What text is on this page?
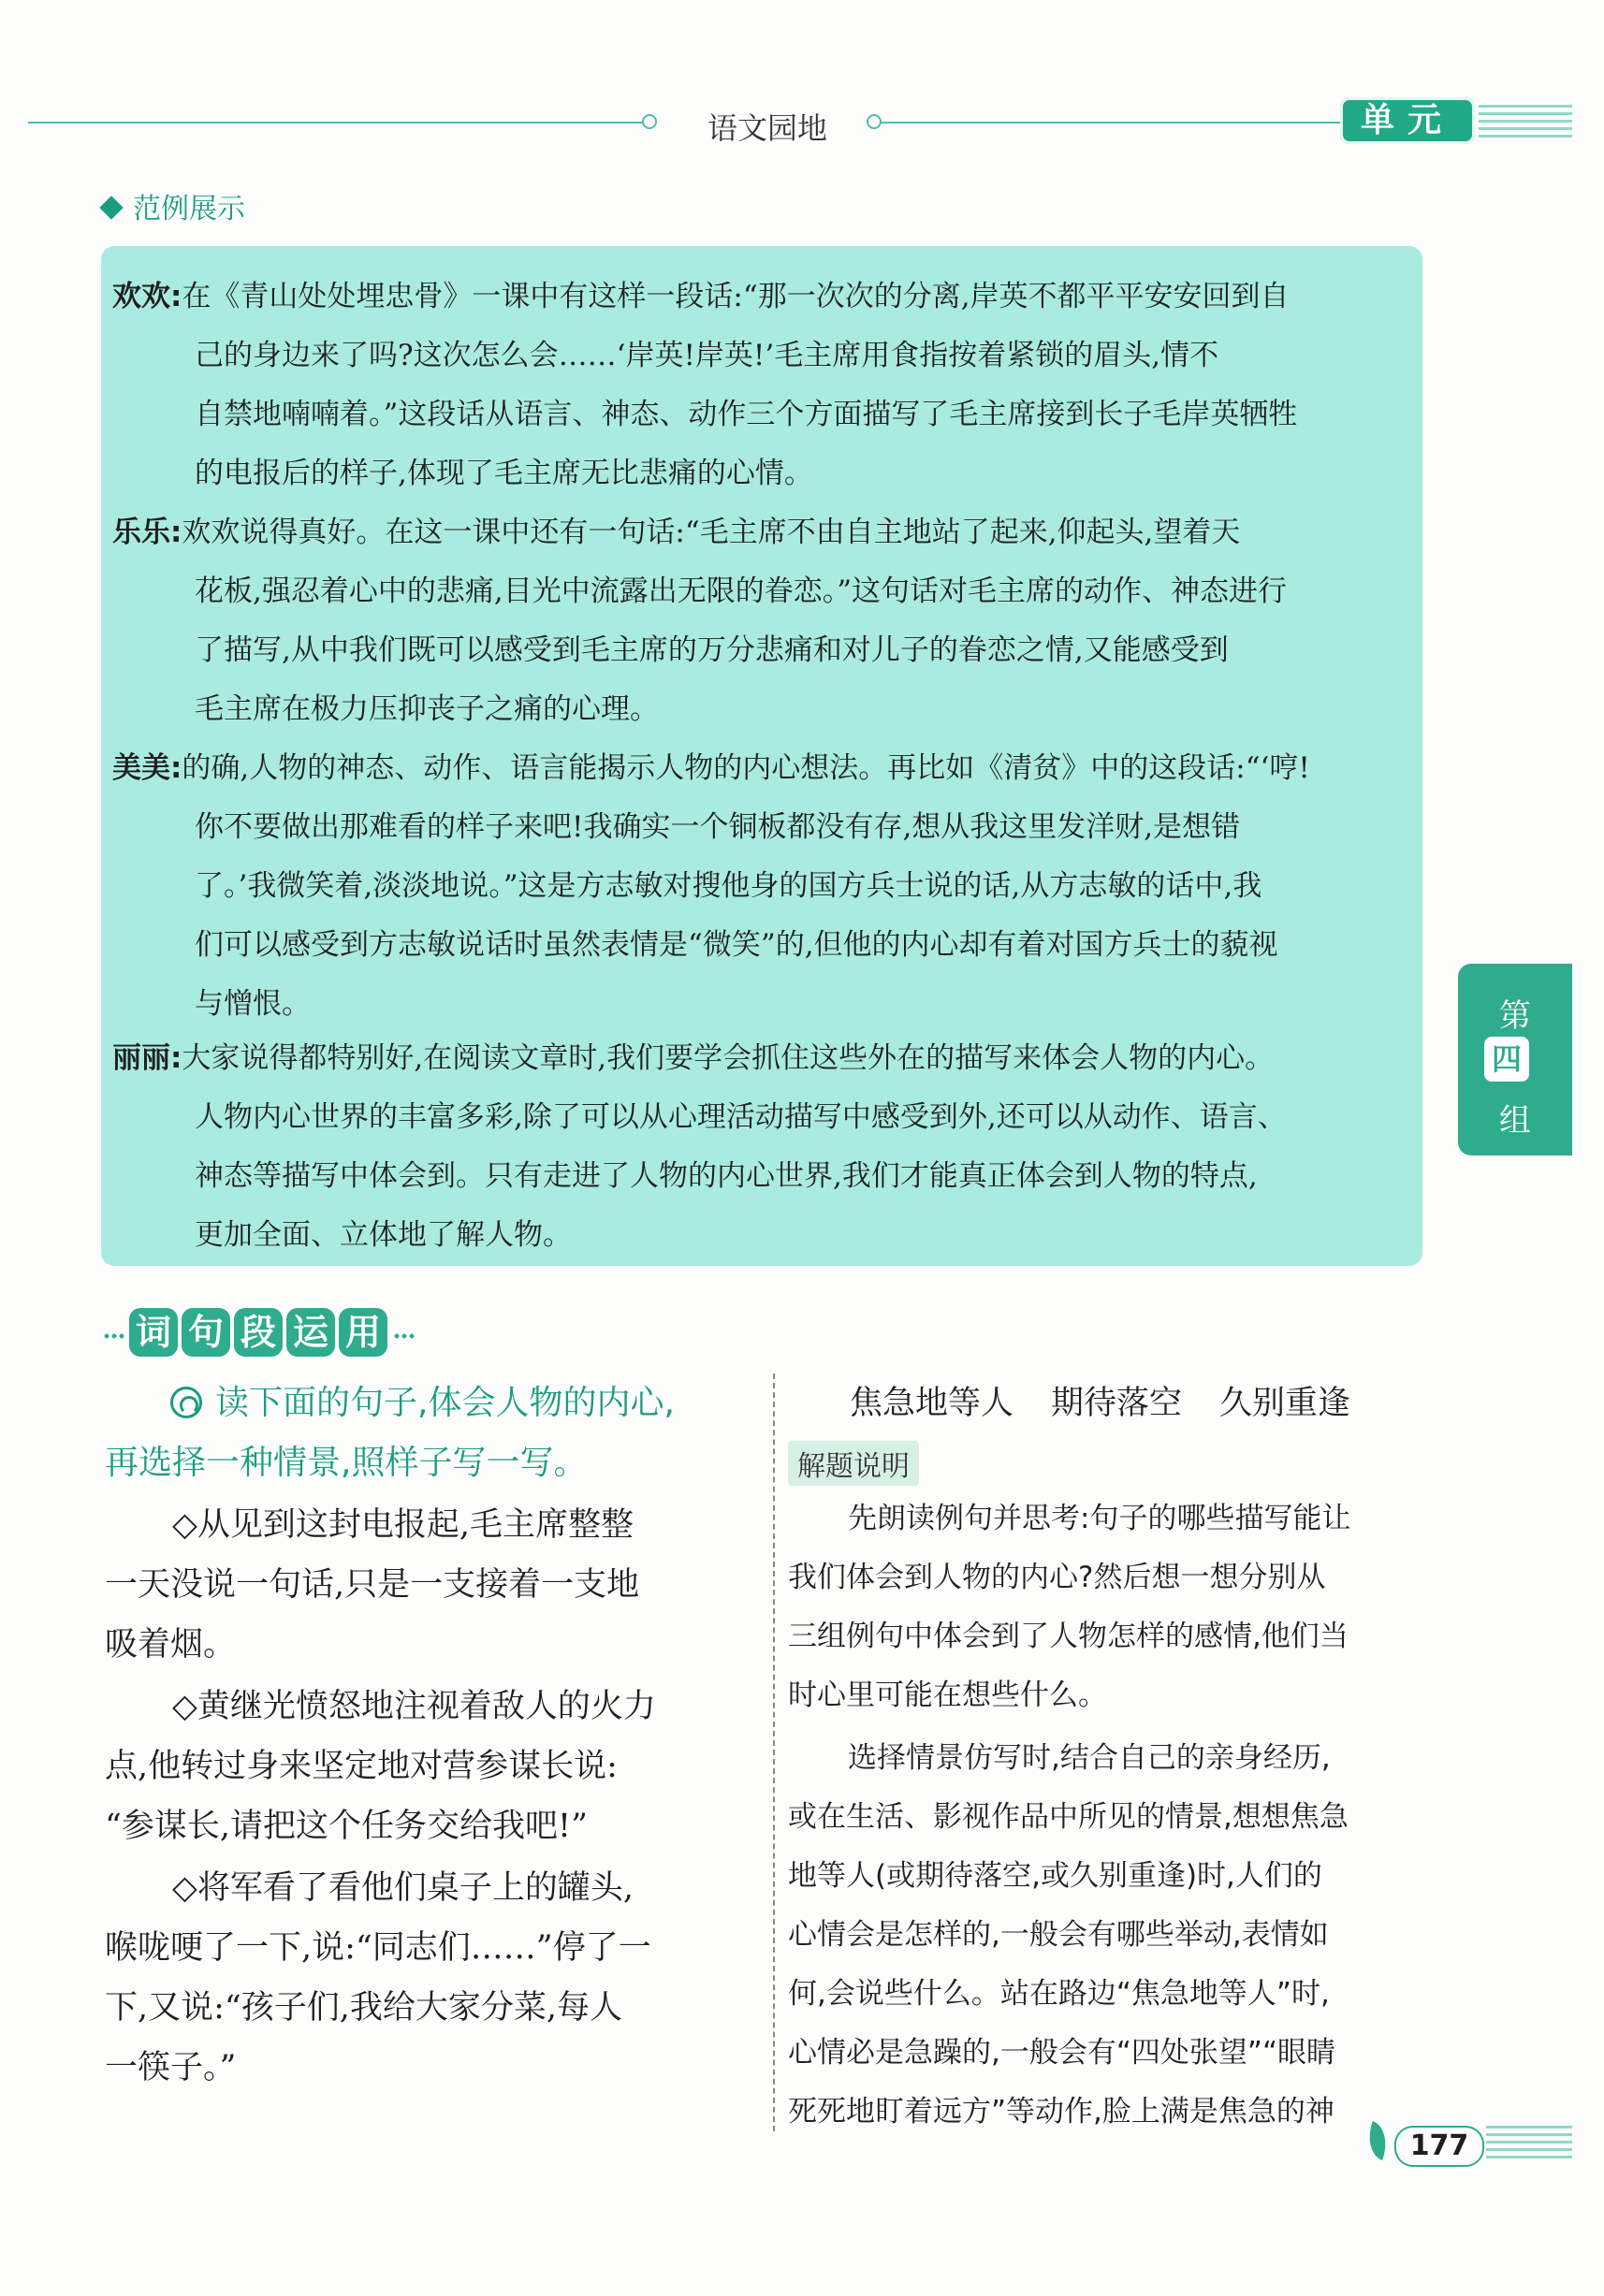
语文园地	单元
范例展示
欢欢:在《青山处处埋忠骨》一课中有这样一段话:“那一次次的分离,岸英不都平平安安回到自
己的身边来了吗?这次怎么会……‘岸英!岸英!’毛主席用食指按着紧锁的眉头,情不
自禁地喃喃着。”这段话从语言、神态、动作三个方面描写了毛主席接到长子毛岸英牺牲
的电报后的样子,体现了毛主席无比悲痛的心情。
乐乐:欢欢说得真好。在这一课中还有一句话:“毛主席不由自主地站了起来,仰起头,望着天
花板,强忍着心中的悲痛,目光中流露出无限的眷恋。”这句话对毛主席的动作、神态进行
了描写,从中我们既可以感受到毛主席的万分悲痛和对儿子的眷恋之情,又能感受到
毛主席在极力压抑丧子之痛的心理。
美美:的确,人物的神态、动作、语言能揭示人物的内心想法。再比如《清贫》中的这段话:“‘哼!
你不要做出那难看的样子来吧!我确实一个铜板都没有存,想从我这里发洋财,是想错
了。’我微笑着,淡淡地说。”这是方志敏对搜他身的国方兵士说的话,从方志敏的话中,我
们可以感受到方志敏说话时虽然表情是“微笑”的,但他的内心却有着对国方兵士的藐视
与憎恨。
丽丽:大家说得都特别好,在阅读文章时,我们要学会抓住这些外在的描写来体会人物的内心。
人物内心世界的丰富多彩,除了可以从心理活动描写中感受到外,还可以从动作、语言、
神态等描写中体会到。只有走进了人物的内心世界,我们才能真正体会到人物的特点,
更加全面、立体地了解人物。
第
四
组
词 句 段 运 用
读下面的句子,体会人物的内心,
再选择一种情景,照样子写一写。
◇从见到这封电报起,毛主席整整
一天没说一句话,只是一支接着一支地
吸着烟。
◇黄继光愤怒地注视着敌人的火力
点,他转过身来坚定地对营参谋长说:
“参谋长,请把这个任务交给我吧!”
◇将军看了看他们桌子上的罐头,
喉咙哽了一下,说:“同志们……”停了一
下,又说:“孩子们,我给大家分菜,每人
一筷子。”
焦急地等人 期待落空 久别重逢
解题说明
先朗读例句并思考:句子的哪些描写能让
我们体会到人物的内心?然后想一想分别从
三组例句中体会到了人物怎样的感情,他们当
时心里可能在想些什么。
选择情景仿写时,结合自己的亲身经历,
或在生活、影视作品中所见的情景,想想焦急
地等人(或期待落空,或久别重逢)时,人们的
心情会是怎样的,一般会有哪些举动,表情如
何,会说些什么。站在路边“焦急地等人”时,
心情必是急躁的,一般会有“四处张望”“眼睛
死死地盯着远方”等动作,脸上满是焦急的神
177
